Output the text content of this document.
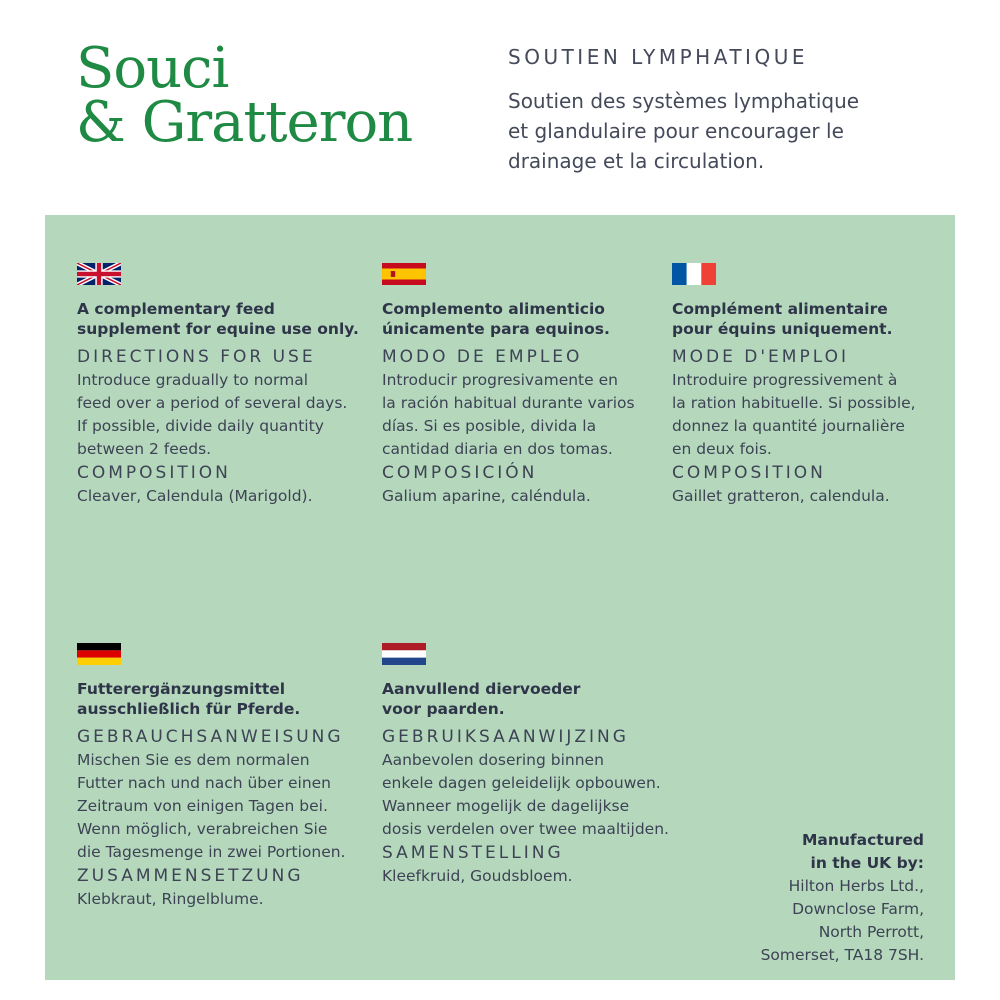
Souci
& Gratteron
SOUTIEN LYMPHATIQUE
Soutien des systèmes lymphatique et glandulaire pour encourager le drainage et la circulation.
A complementary feed
supplement for equine use only.
DIRECTIONS FOR USE
Introduce gradually to normal
feed over a period of several days.
If possible, divide daily quantity
between 2 feeds.
COMPOSITION
Cleaver, Calendula (Marigold).
Complemento alimenticio
únicamente para equinos.
MODO DE EMPLEO
Introducir progresivamente en
la ración habitual durante varios
días. Si es posible, divida la
cantidad diaria en dos tomas.
COMPOSICIÓN
Galium aparine, caléndula.
Complément alimentaire
pour équins uniquement.
MODE D'EMPLOI
Introduire progressivement à
la ration habituelle. Si possible,
donnez la quantité journalière
en deux fois.
COMPOSITION
Gaillet gratteron, calendula.
Futterergänzungsmittel
ausschließlich für Pferde.
GEBRAUCHSANWEISUNG
Mischen Sie es dem normalen
Futter nach und nach über einen
Zeitraum von einigen Tagen bei.
Wenn möglich, verabreichen Sie
die Tagesmenge in zwei Portionen.
ZUSAMMENSETZUNG
Klebkraut, Ringelblume.
Aanvullend diervoeder
voor paarden.
GEBRUIKSAANWIJZING
Aanbevolen dosering binnen
enkele dagen geleidelijk opbouwen.
Wanneer mogelijk de dagelijkse
dosis verdelen over twee maaltijden.
SAMENSTELLING
Kleefkruid, Goudsbloem.
Manufactured
in the UK by:
Hilton Herbs Ltd.,
Downclose Farm,
North Perrott,
Somerset, TA18 7SH.
